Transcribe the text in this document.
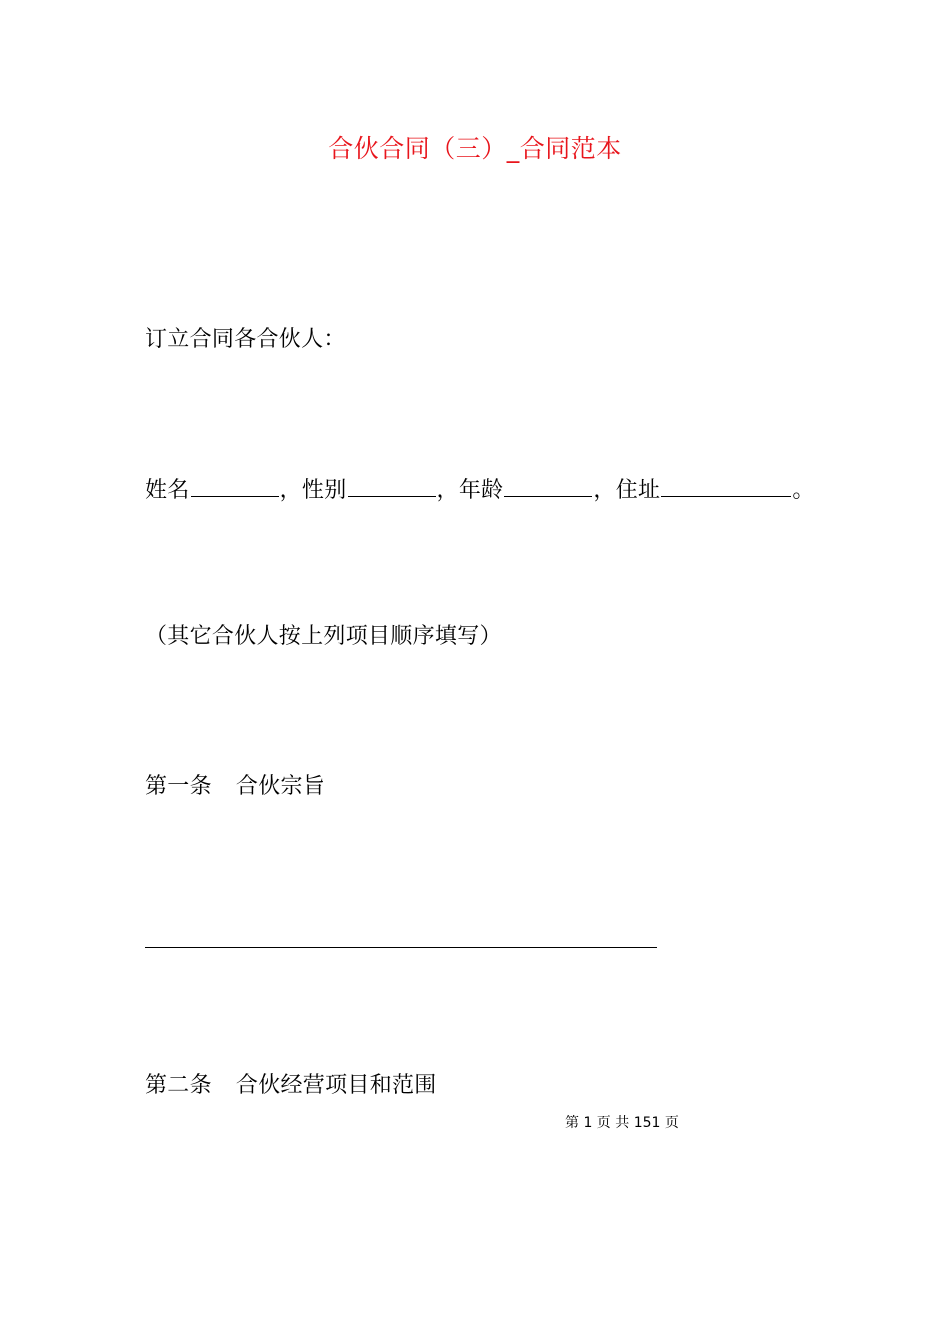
合伙合同（三）_合同范本
订立合同各合伙人：
姓名	，性别	，年龄	，住址	。
（其它合伙人按上列项目顺序填写）
第一条 合伙宗旨
第二条 合伙经营项目和范围
第 1 页 共 151 页
